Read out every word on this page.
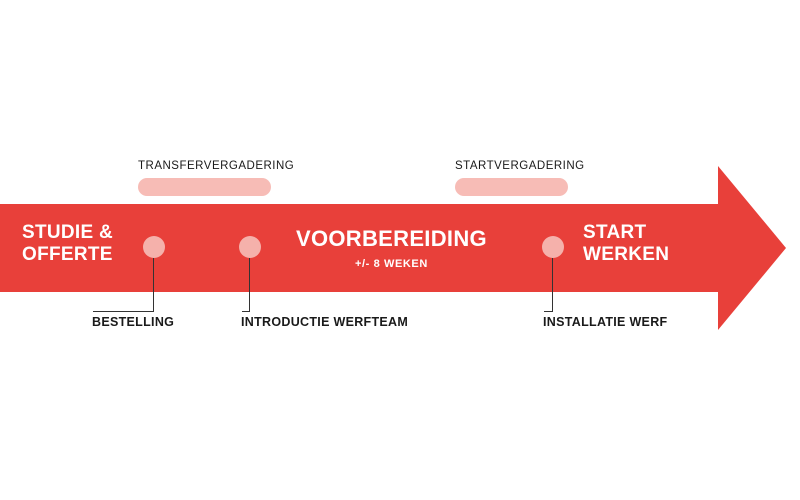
STUDIE &
OFFERTE
VOORBEREIDING
+/- 8 WEKEN
START
WERKEN
TRANSFERVERGADERING	STARTVERGADERING
BESTELLING	INTRODUCTIE WERFTEAM	INSTALLATIE WERF
